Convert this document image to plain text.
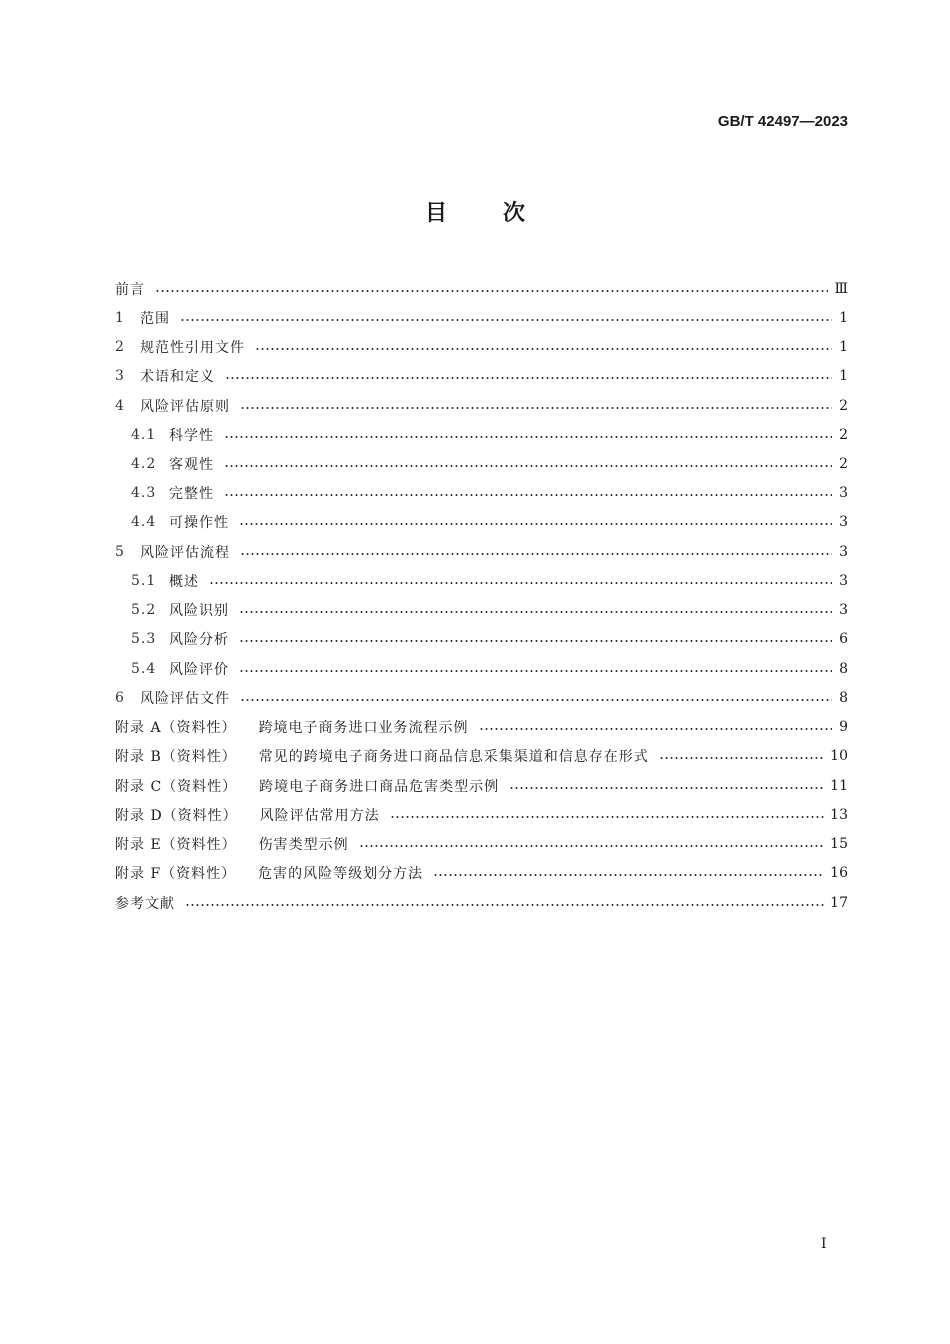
GB/T 42497—2023
目	次
前言	Ⅲ
1	范围	1
2	规范性引用文件	1
3	术语和定义	1
4	风险评估原则	2
4.1 科学性	2
4.2 客观性	2
4.3 完整性	3
4.4 可操作性	3
5	风险评估流程	3
5.1 概述	3
5.2 风险识别	3
5.3 风险分析	6
5.4 风险评价	8
6	风险评估文件	8
附录 A（资料性） 跨境电子商务进口业务流程示例	9
附录 B（资料性） 常见的跨境电子商务进口商品信息采集渠道和信息存在形式	10
附录 C（资料性） 跨境电子商务进口商品危害类型示例	11
附录 D（资料性） 风险评估常用方法	13
附录 E（资料性） 伤害类型示例	15
附录 F（资料性） 危害的风险等级划分方法	16
参考文献	17
I
